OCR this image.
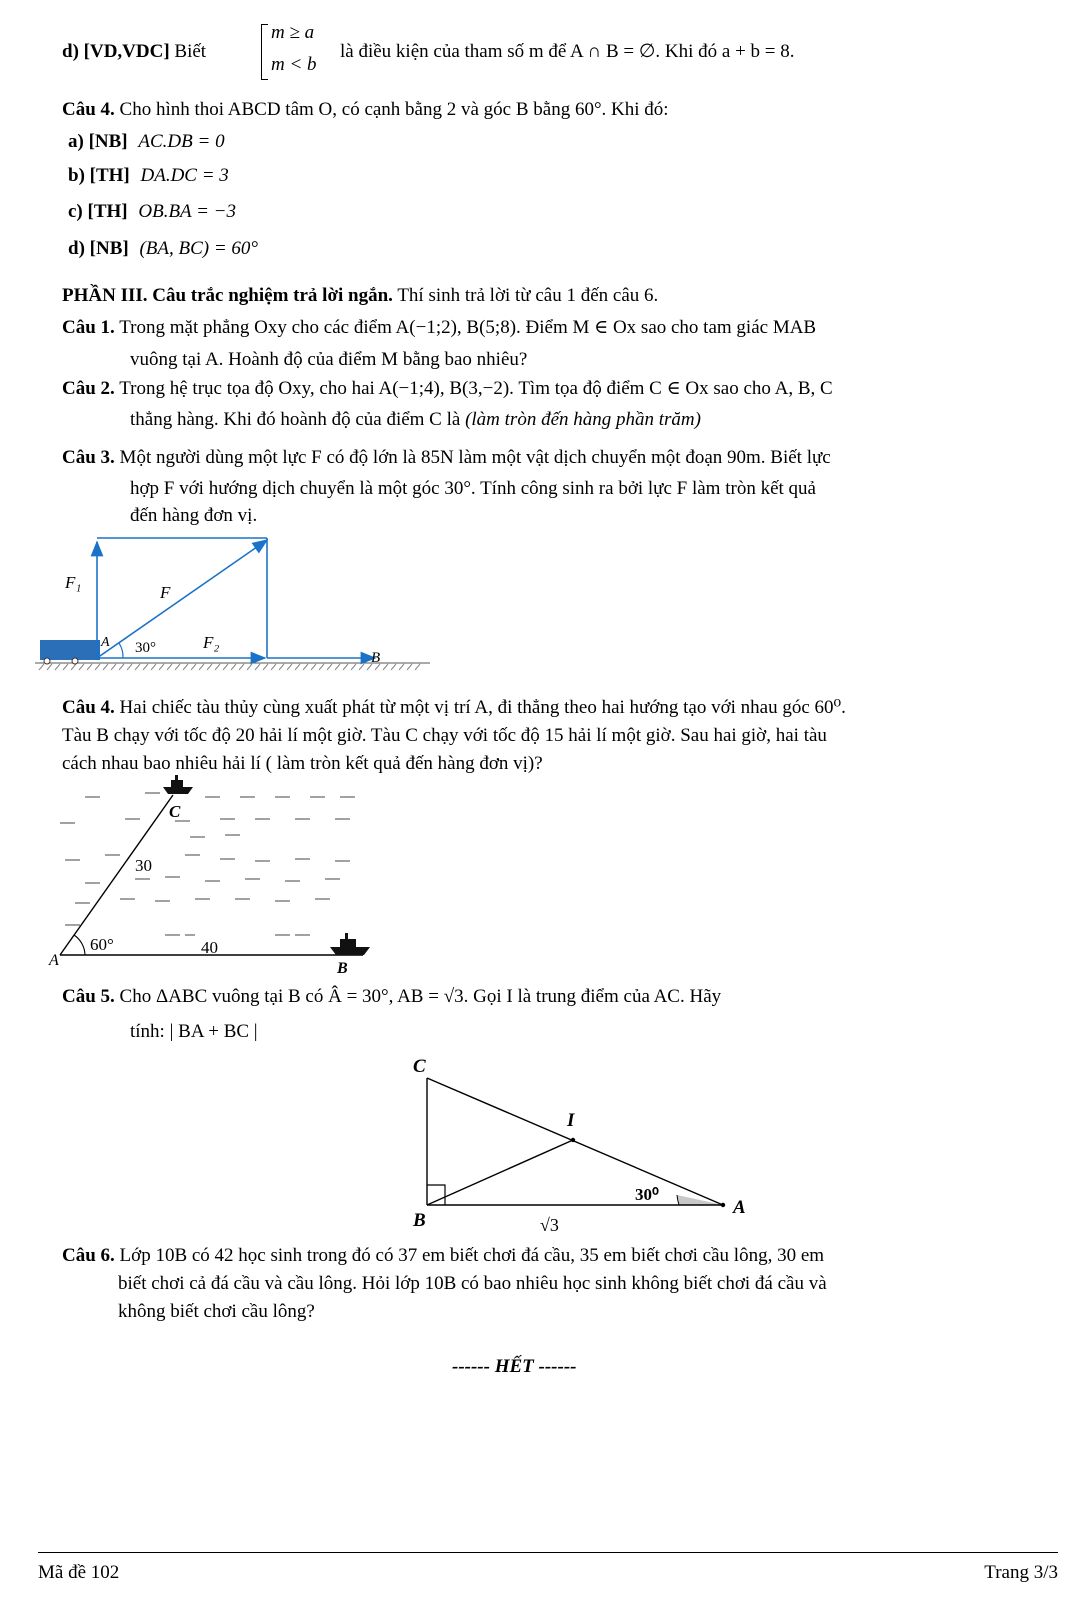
d) [VD,VDC] Biết
m ≥ a
m < b
là điều kiện của tham số m để A ∩ B = ∅. Khi đó a + b = 8.
Câu 4. Cho hình thoi ABCD tâm O, có cạnh bằng 2 và góc B bằng 60°. Khi đó:
a) [NB] AC.DB = 0
b) [TH] DA.DC = 3
c) [TH] OB.BA = −3
d) [NB] (BA, BC) = 60°
PHẦN III. Câu trắc nghiệm trả lời ngắn. Thí sinh trả lời từ câu 1 đến câu 6.
Câu 1. Trong mặt phẳng Oxy cho các điểm A(−1;2), B(5;8). Điểm M ∈ Ox sao cho tam giác MAB
vuông tại A. Hoành độ của điểm M bằng bao nhiêu?
Câu 2. Trong hệ trục tọa độ Oxy, cho hai A(−1;4), B(3,−2). Tìm tọa độ điểm C ∈ Ox sao cho A, B, C
thẳng hàng. Khi đó hoành độ của điểm C là (làm tròn đến hàng phần trăm)
Câu 3. Một người dùng một lực F có độ lớn là 85N làm một vật dịch chuyển một đoạn 90m. Biết lực
hợp F với hướng dịch chuyển là một góc 30°. Tính công sinh ra bởi lực F làm tròn kết quả
đến hàng đơn vị.
F₁
F
F₂
A 30°
B
Câu 4. Hai chiếc tàu thủy cùng xuất phát từ một vị trí A, đi thẳng theo hai hướng tạo với nhau góc 60⁰.
Tàu B chạy với tốc độ 20 hải lí một giờ. Tàu C chạy với tốc độ 15 hải lí một giờ. Sau hai giờ, hai tàu
cách nhau bao nhiêu hải lí ( làm tròn kết quả đến hàng đơn vị)?
C
30
A
60°	40
B
Câu 5. Cho ΔABC vuông tại B có Â = 30°, AB = √3. Gọi I là trung điểm của AC. Hãy
tính: | BA + BC |
C
I
30⁰
A
B	√3
Câu 6. Lớp 10B có 42 học sinh trong đó có 37 em biết chơi đá cầu, 35 em biết chơi cầu lông, 30 em
biết chơi cả đá cầu và cầu lông. Hỏi lớp 10B có bao nhiêu học sinh không biết chơi đá cầu và
không biết chơi cầu lông?
------ HẾT ------
Mã đề 102	Trang 3/3
